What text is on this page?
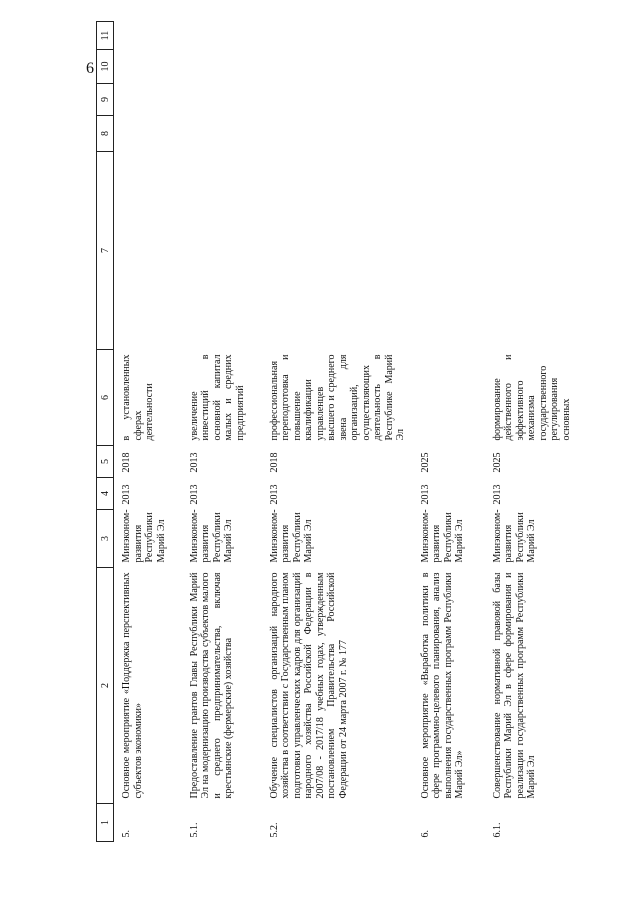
6
1	2	3	4	5	6	7	8	9	10	11
5.	Основное мероприятие «Поддержка перспективных субъектов экономики»	Минэконом-развития Республики Марий Эл	2013	2018	в установленных сферах деятельности					
5.1.	Предоставление грантов Главы Республики Марий Эл на модернизацию производства субъектов малого и среднего предпринимательства, включая крестьянские (фермерские) хозяйства	Минэконом-развития Республики Марий Эл	2013	2013	увеличение инвестиций в основной капитал малых и средних предприятий					
5.2.	Обучение специалистов организаций народного хозяйства в соответствии с Государственным планом подготовки управленческих кадров для организаций народного хозяйства Российской Федерации в 2007/08 - 2017/18 учебных годах, утвержденным постановлением Правительства Российской Федерации от 24 марта 2007 г. № 177	Минэконом-развития Республики Марий Эл	2013	2018	профессиональная переподготовка и повышение квалификации управленцев высшего и среднего звена для организаций, осуществляющих деятельность в Республике Марий Эл					
6.	Основное мероприятие «Выработка политики в сфере программно-целевого планирования, анализ выполнения государственных программ Республики Марий Эл»	Минэконом-развития Республики Марий Эл	2013	2025						
6.1.	Совершенствование нормативной правовой базы Республики Марий Эл в сфере формирования и реализации государственных программ Республики Марий Эл	Минэконом-развития Республики Марий Эл	2013	2025	формирование действенного и эффективного механизма государственного регулирования основных					
